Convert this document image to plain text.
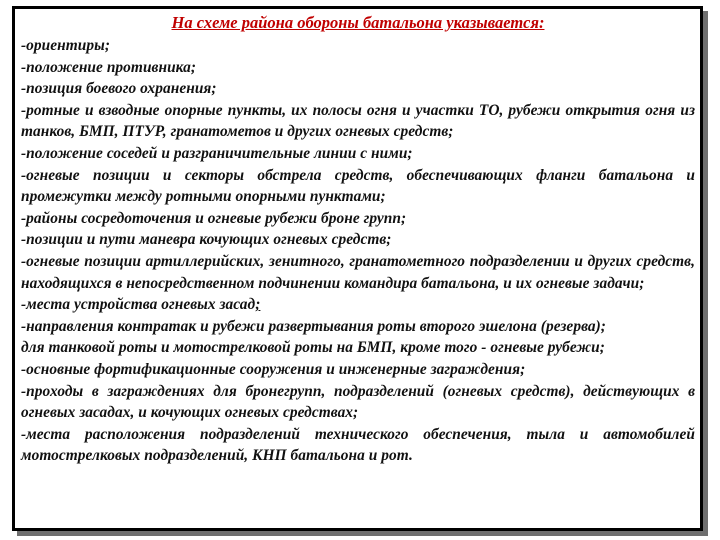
На схеме района обороны батальона указывается:
-ориентиры;
-положение противника;
-позиция боевого охранения;
-ротные и взводные опорные пункты, их полосы огня и участки ТО, рубежи открытия огня из танков, БМП, ПТУР, гранатометов и других огневых средств;
-положение соседей и разграничительные линии с ними;
-огневые позиции и секторы обстрела средств, обеспечивающих фланги батальона и промежутки между ротными опорными пунктами;
-районы сосредоточения и огневые рубежи броне групп;
-позиции и пути маневра кочующих огневых средств;
-огневые позиции артиллерийских, зенитного, гранатометного подразделении и других средств, находящихся в непосредственном подчинении командира батальона, и их огневые задачи;
-места устройства огневых засад;
-направления контратак и рубежи развертывания роты второго эшелона (резерва);
для танковой роты и мотострелковой роты на БМП, кроме того - огневые рубежи;
-основные фортификационные сооружения и инженерные заграждения;
-проходы в заграждениях для бронегрупп, подразделений (огневых средств), действующих в огневых засадах, и кочующих огневых средствах;
-места расположения подразделений технического обеспечения, тыла и автомобилей мотострелковых подразделений, КНП батальона и рот.
